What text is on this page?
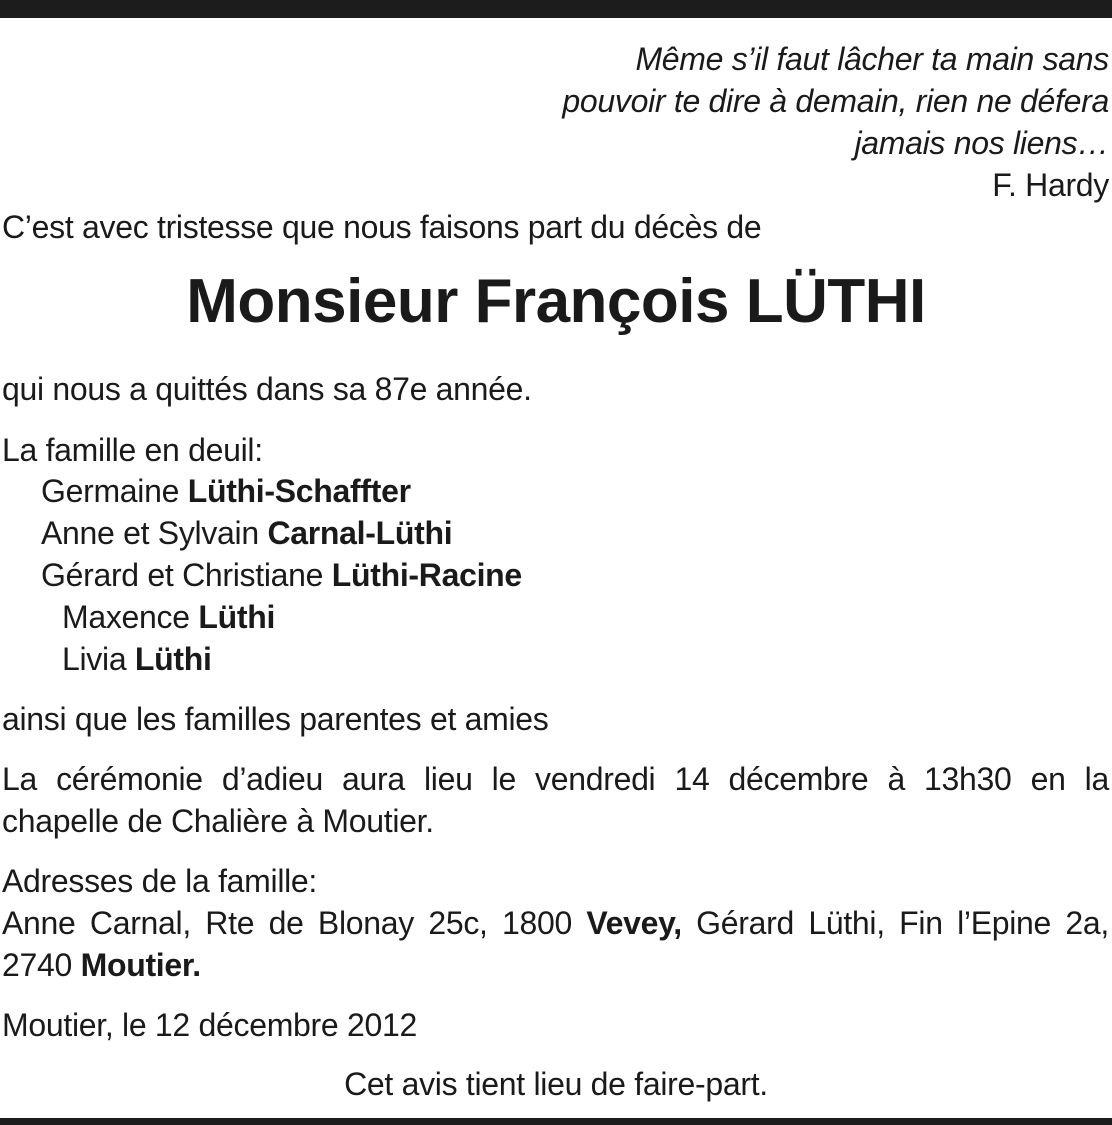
Même s’il faut lâcher ta main sans
pouvoir te dire à demain, rien ne défera
jamais nos liens…
F. Hardy
C’est avec tristesse que nous faisons part du décès de
Monsieur François LÜTHI
qui nous a quittés dans sa 87e année.
La famille en deuil:
Germaine Lüthi-Schaffter
Anne et Sylvain Carnal-Lüthi
Gérard et Christiane Lüthi-Racine
Maxence Lüthi
Livia Lüthi
ainsi que les familles parentes et amies
La cérémonie d’adieu aura lieu le vendredi 14 décembre à 13h30 en la
chapelle de Chalière à Moutier.
Adresses de la famille:
Anne Carnal, Rte de Blonay 25c, 1800 Vevey, Gérard Lüthi, Fin l’Epine 2a,
2740 Moutier.
Moutier, le 12 décembre 2012
Cet avis tient lieu de faire-part.
